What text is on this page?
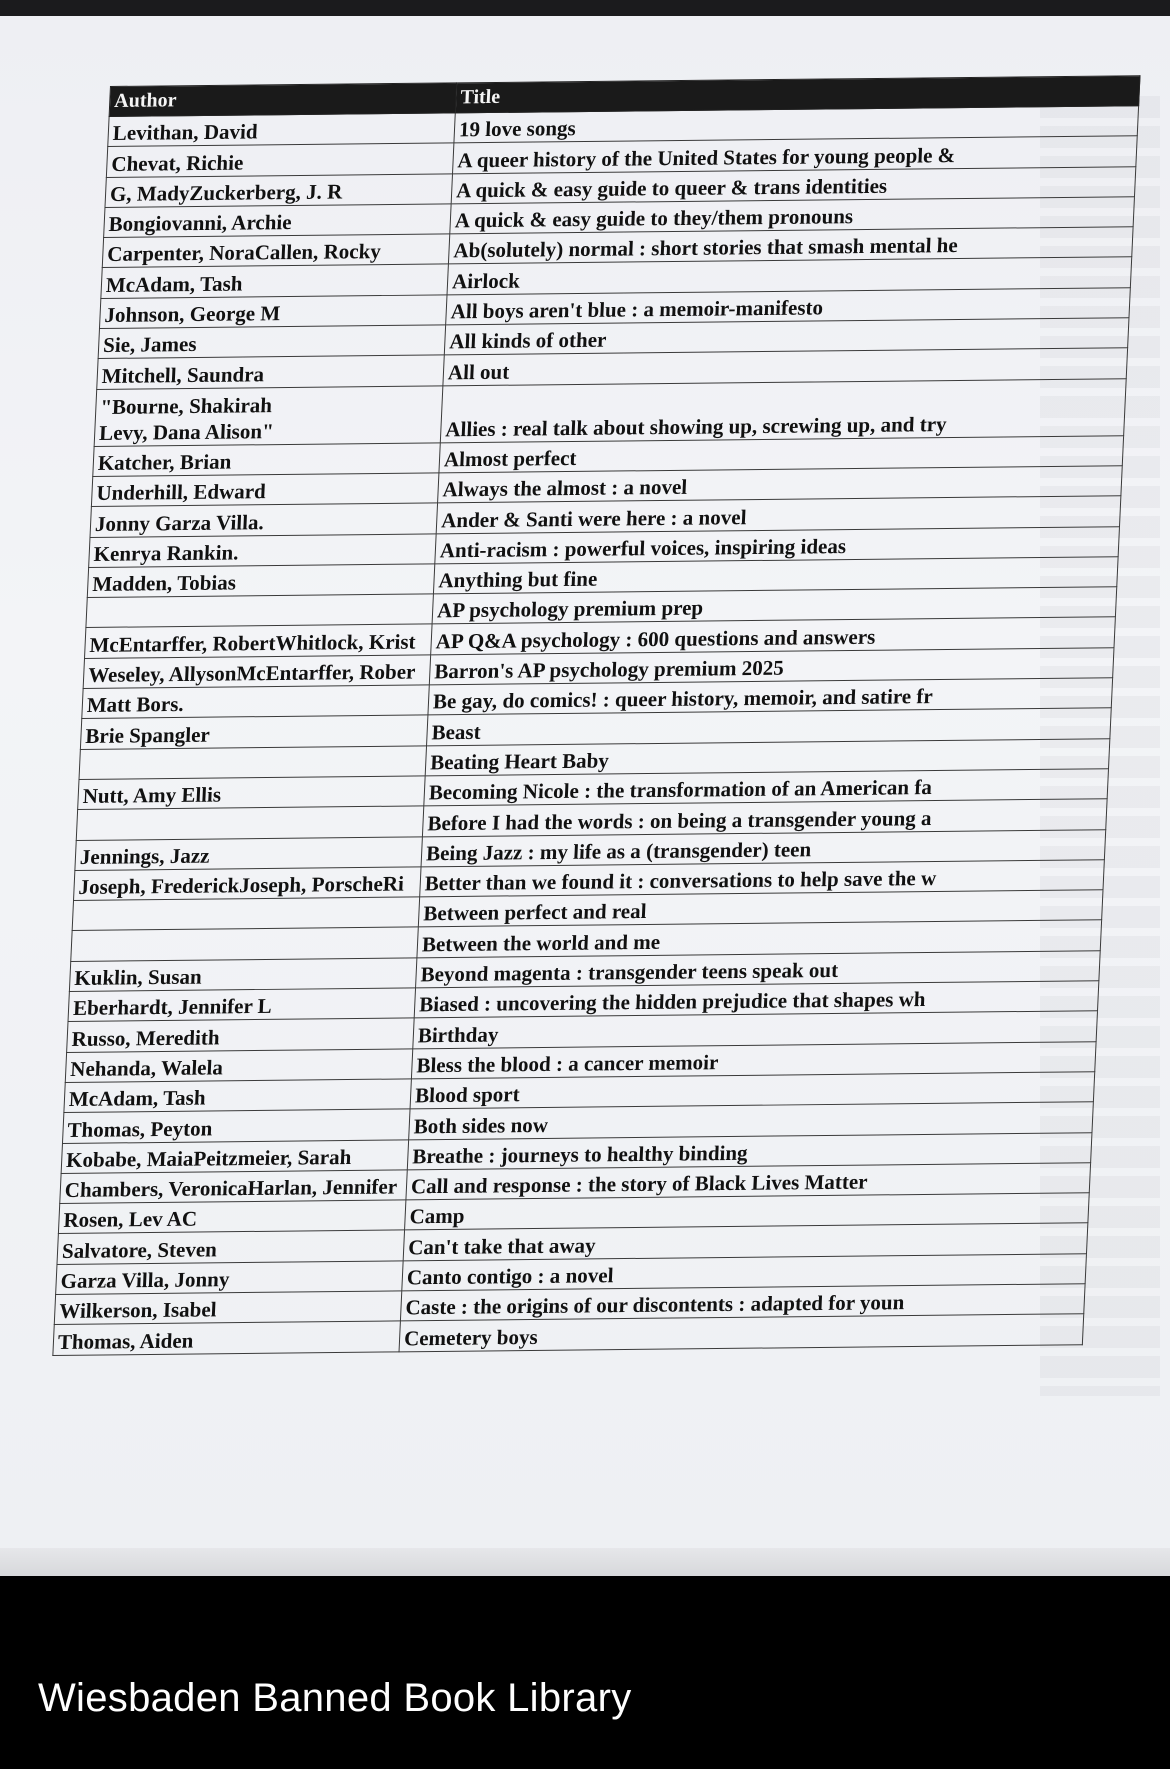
Author	Title
Levithan, David	19 love songs
Chevat, Richie	A queer history of the United States for young people &
G, MadyZuckerberg, J. R	A quick & easy guide to queer & trans identities
Bongiovanni, Archie	A quick & easy guide to they/them pronouns
Carpenter, NoraCallen, Rocky	Ab(solutely) normal : short stories that smash mental he
McAdam, Tash	Airlock
Johnson, George M	All boys aren't blue : a memoir-manifesto
Sie, James	All kinds of other
Mitchell, Saundra	All out
"Bourne, Shakirah
Levy, Dana Alison"	Allies : real talk about showing up, screwing up, and try
Katcher, Brian	Almost perfect
Underhill, Edward	Always the almost : a novel
Jonny Garza Villa.	Ander & Santi were here : a novel
Kenrya Rankin.	Anti-racism : powerful voices, inspiring ideas
Madden, Tobias	Anything but fine
	AP psychology premium prep
McEntarffer, RobertWhitlock, Krist	AP Q&A psychology : 600 questions and answers
Weseley, AllysonMcEntarffer, Rober	Barron's AP psychology premium 2025
Matt Bors.	Be gay, do comics! : queer history, memoir, and satire fr
Brie Spangler	Beast
	Beating Heart Baby
Nutt, Amy Ellis	Becoming Nicole : the transformation of an American fa
	Before I had the words : on being a transgender young a
Jennings, Jazz	Being Jazz : my life as a (transgender) teen
Joseph, FrederickJoseph, PorscheRi	Better than we found it : conversations to help save the w
	Between perfect and real
	Between the world and me
Kuklin, Susan	Beyond magenta : transgender teens speak out
Eberhardt, Jennifer L	Biased : uncovering the hidden prejudice that shapes wh
Russo, Meredith	Birthday
Nehanda, Walela	Bless the blood : a cancer memoir
McAdam, Tash	Blood sport
Thomas, Peyton	Both sides now
Kobabe, MaiaPeitzmeier, Sarah	Breathe : journeys to healthy binding
Chambers, VeronicaHarlan, Jennifer	Call and response : the story of Black Lives Matter
Rosen, Lev AC	Camp
Salvatore, Steven	Can't take that away
Garza Villa, Jonny	Canto contigo : a novel
Wilkerson, Isabel	Caste : the origins of our discontents : adapted for youn
Thomas, Aiden	Cemetery boys
Wiesbaden Banned Book Library
